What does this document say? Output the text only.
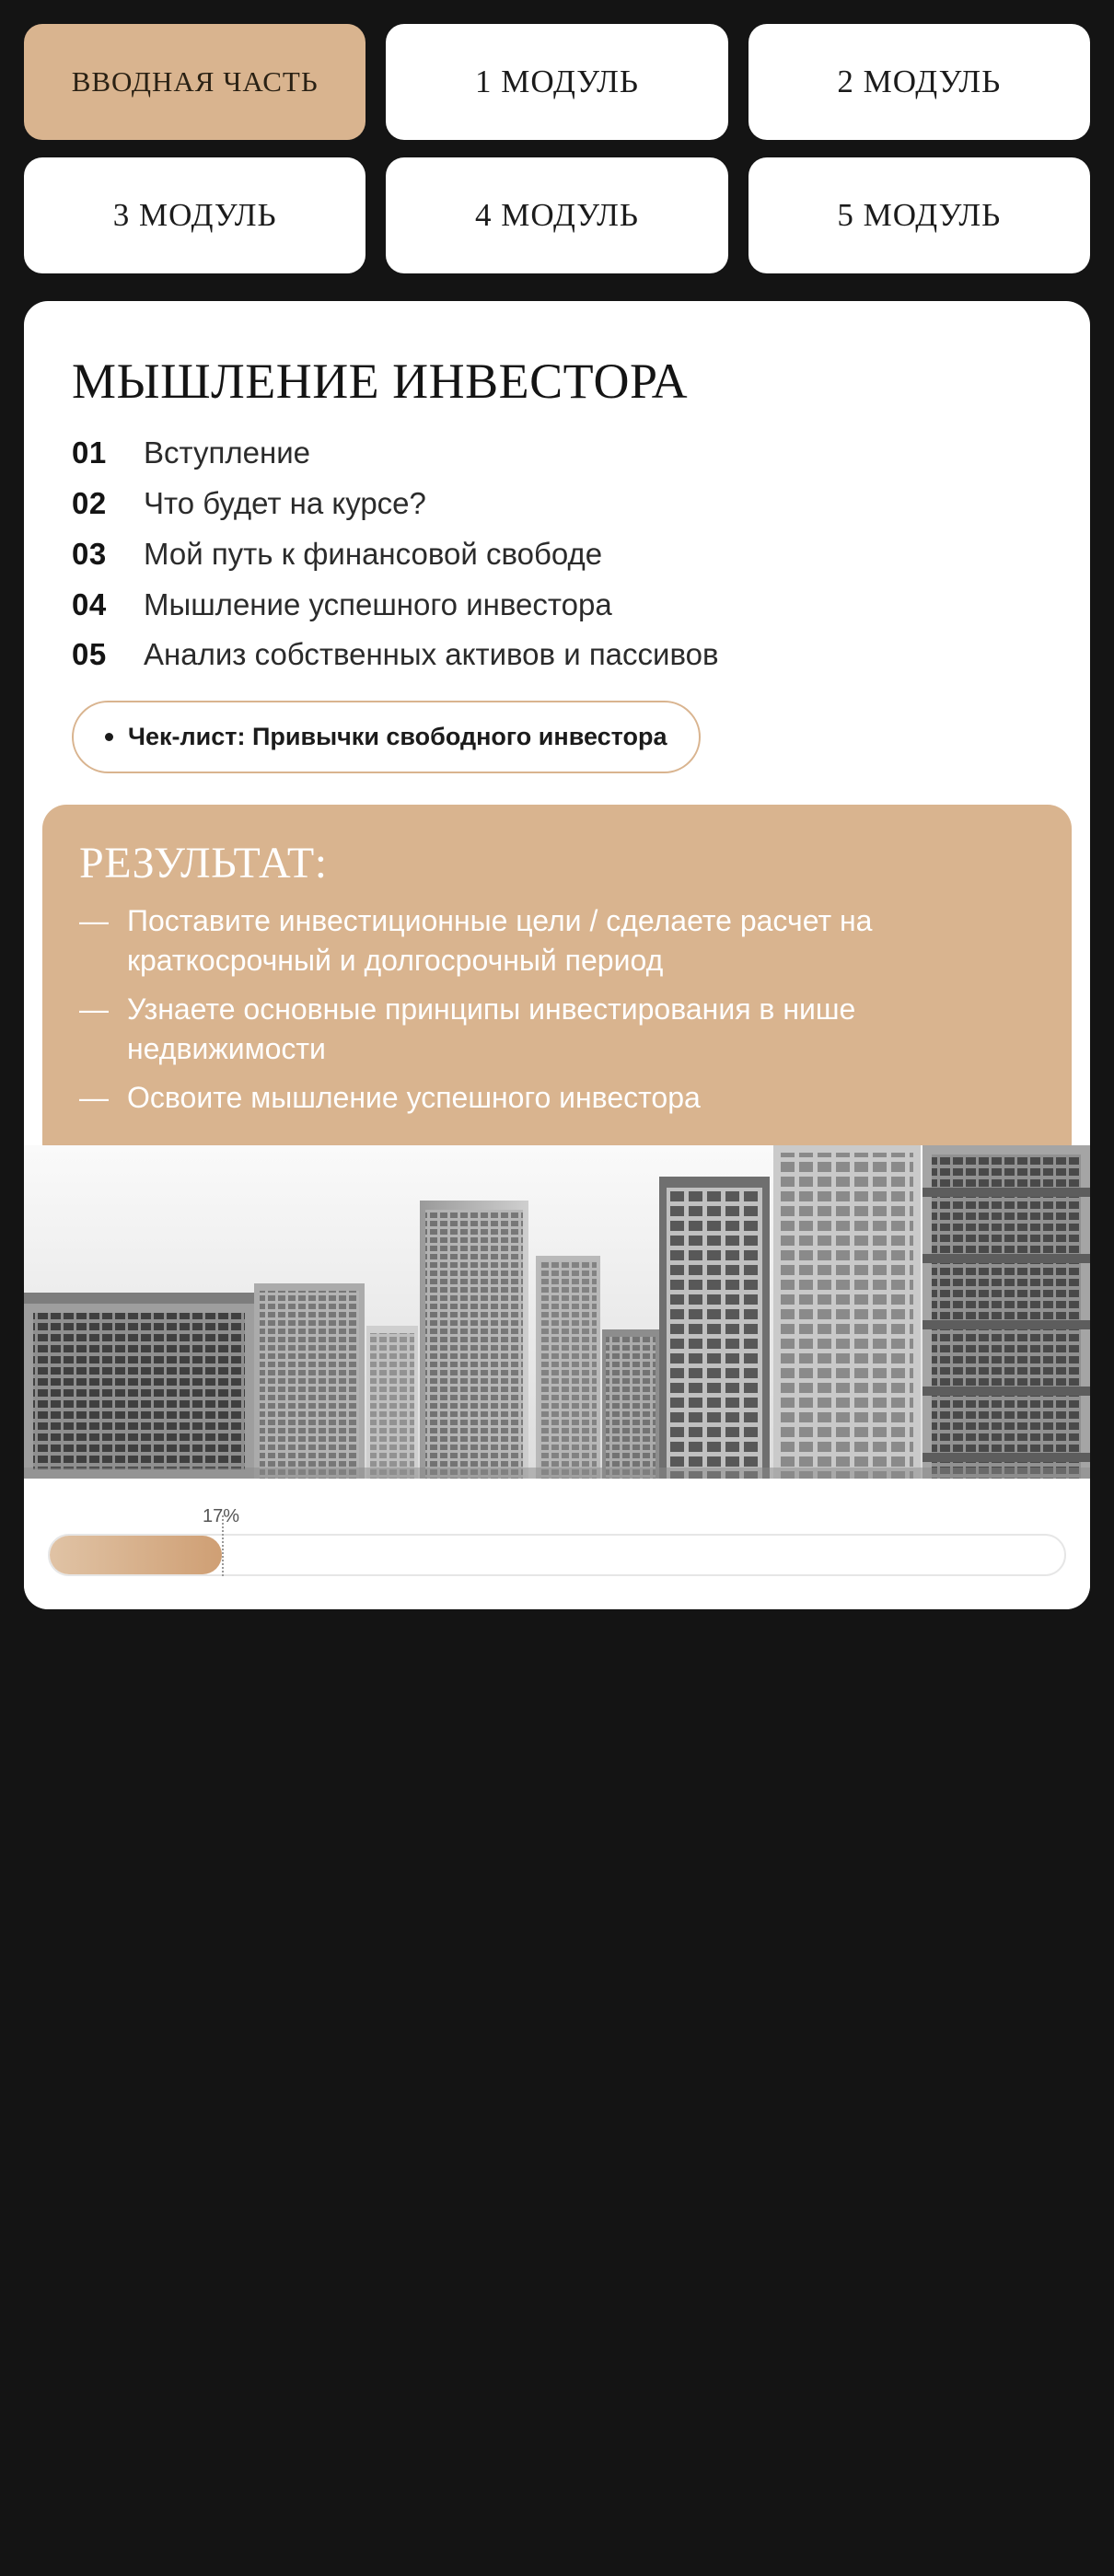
ВВОДНАЯ ЧАСТЬ	1 МОДУЛЬ	2 МОДУЛЬ
3 МОДУЛЬ	4 МОДУЛЬ	5 МОДУЛЬ
МЫШЛЕНИЕ ИНВЕСТОРА
01	Вступление
02	Что будет на курсе?
03	Мой путь к финансовой свободе
04	Мышление успешного инвестора
05	Анализ собственных активов и пассивов
Чек-лист: Привычки свободного инвестора
РЕЗУЛЬТАТ:
— Поставите инвестиционные цели / сделаете расчет на краткосрочный и долгосрочный период
— Узнаете основные принципы инвестирования в нише недвижимости
— Освоите мышление успешного инвестора
17%
